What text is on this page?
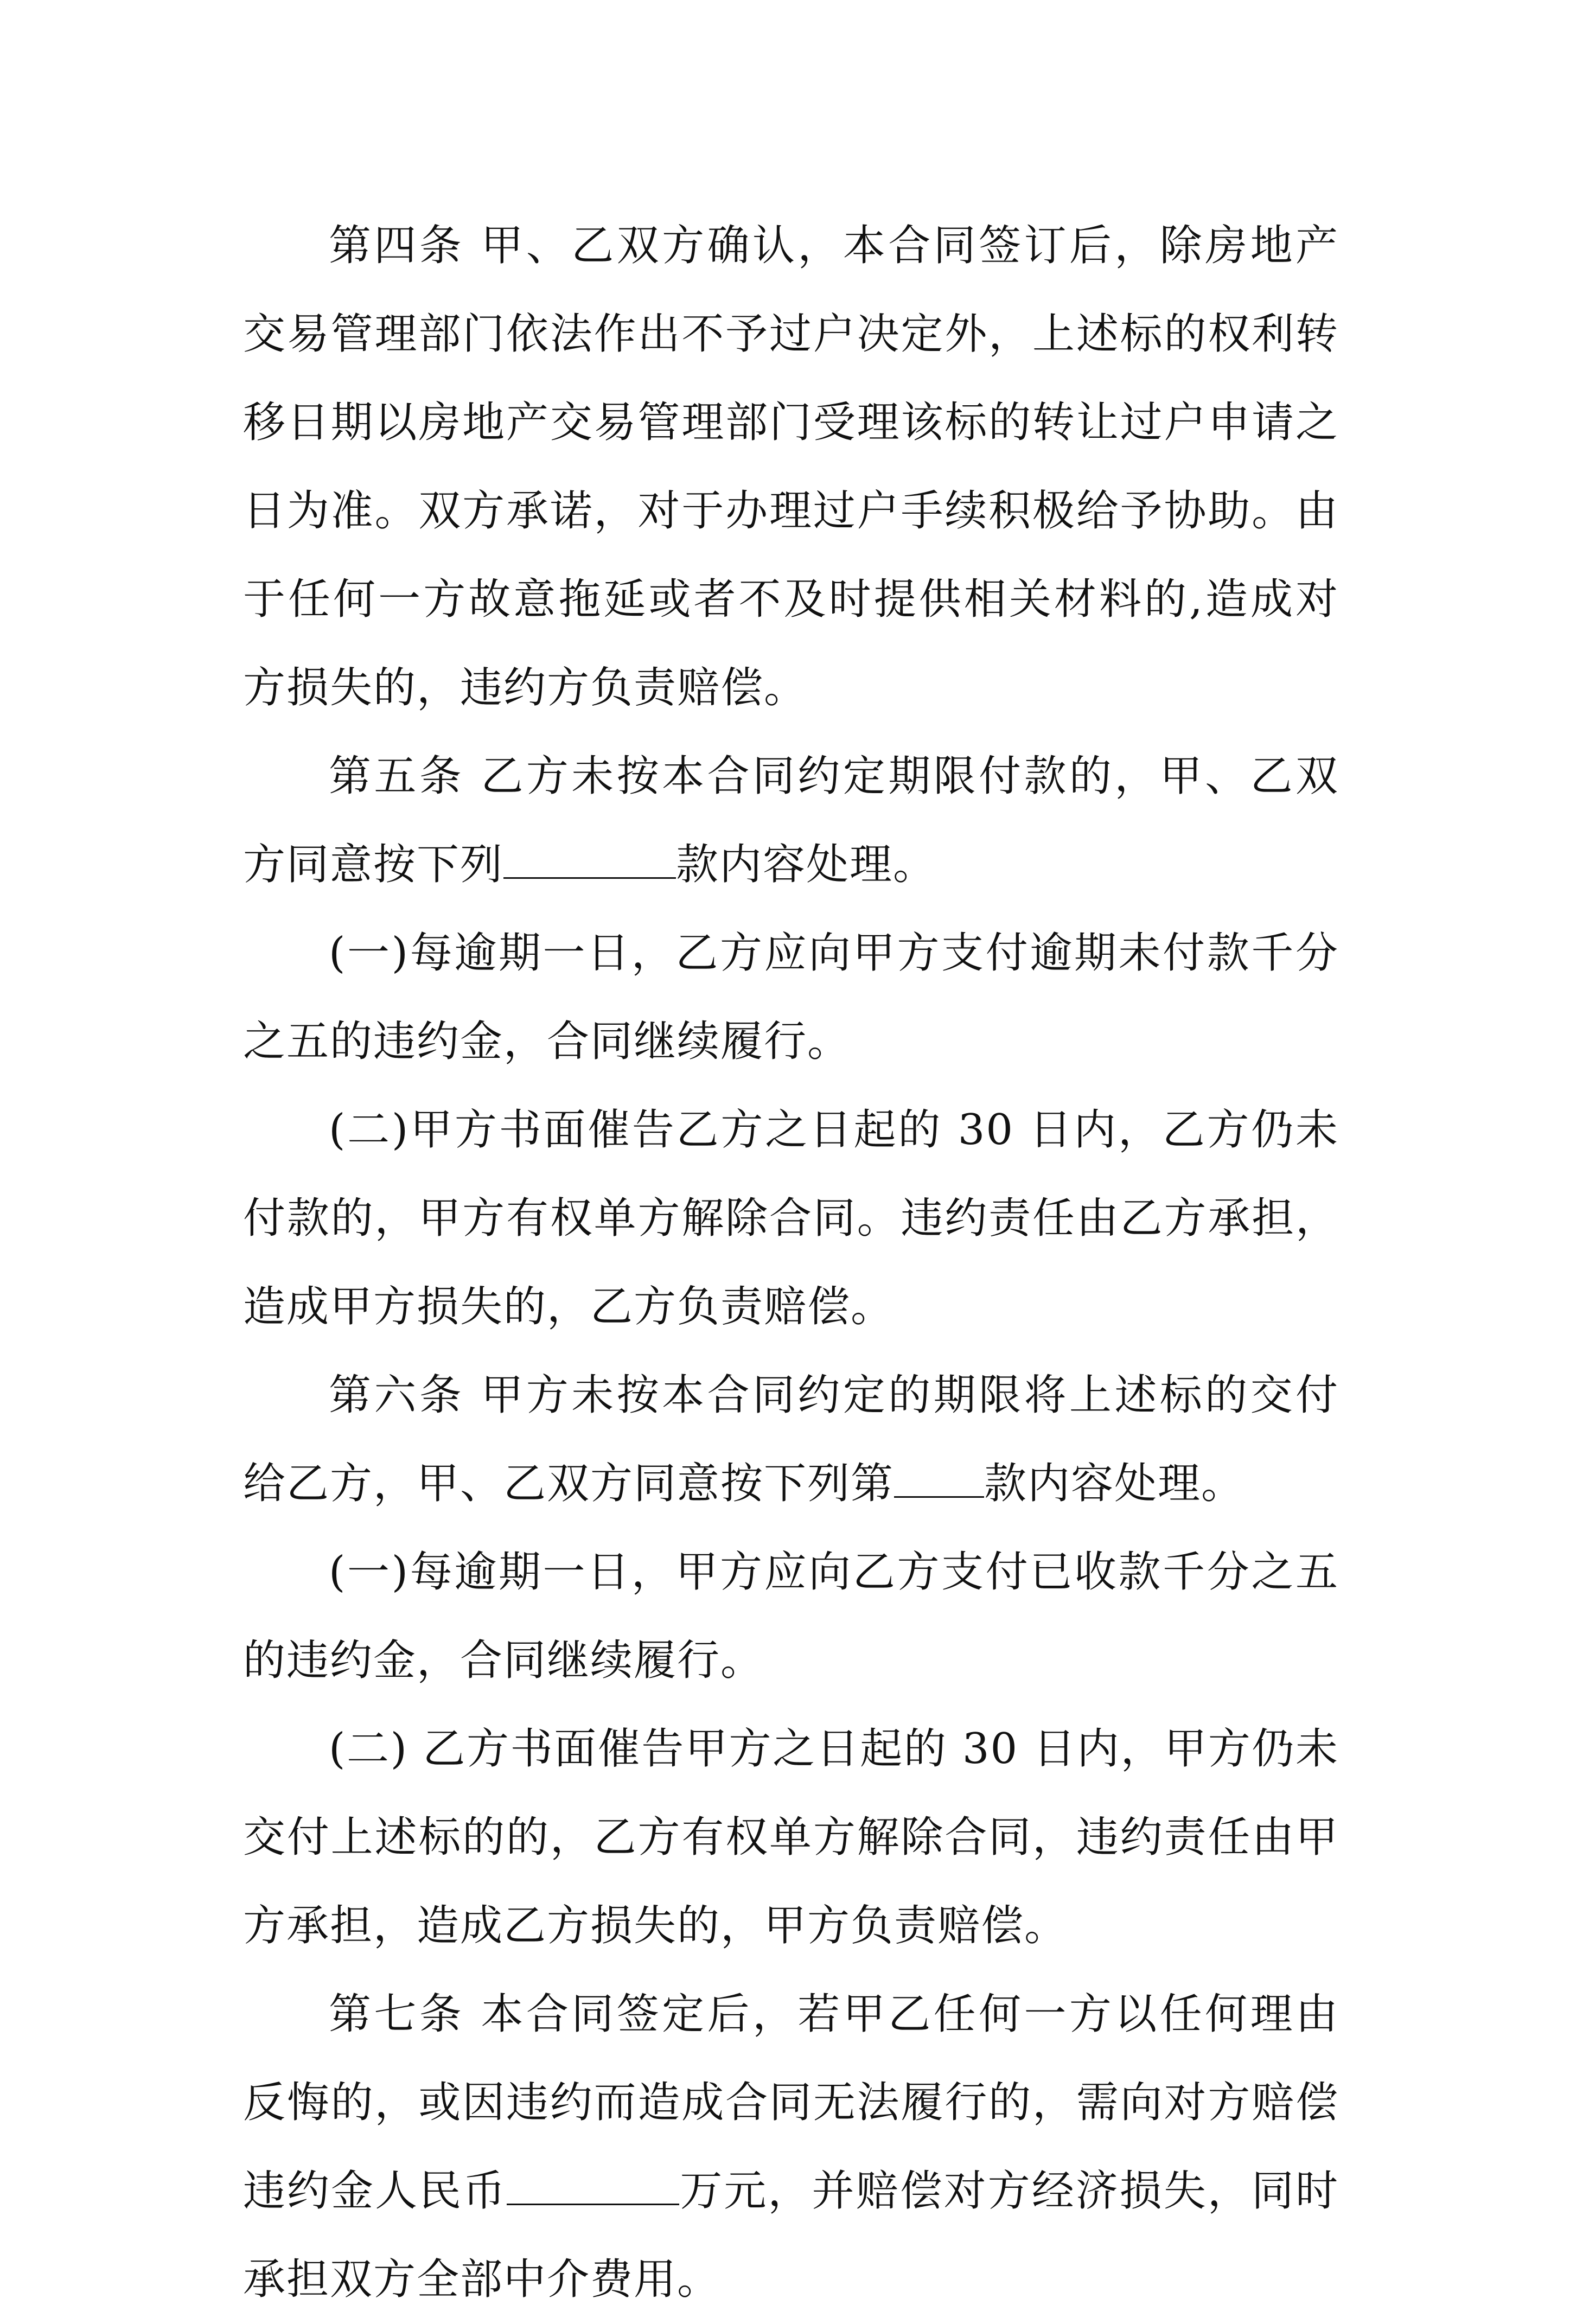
第四条 甲、乙双方确认，本合同签订后，除房地产交易管理部门依法作出不予过户决定外，上述标的权利转移日期以房地产交易管理部门受理该标的转让过户申请之日为准。双方承诺，对于办理过户手续积极给予协助。由于任何一方故意拖延或者不及时提供相关材料的,造成对方损失的，违约方负责赔偿。

第五条 乙方未按本合同约定期限付款的，甲、乙双方同意按下列	款内容处理。

(一)每逾期一日，乙方应向甲方支付逾期未付款千分之五的违约金，合同继续履行。

(二)甲方书面催告乙方之日起的 30 日内，乙方仍未付款的，甲方有权单方解除合同。违约责任由乙方承担，造成甲方损失的，乙方负责赔偿。

第六条 甲方未按本合同约定的期限将上述标的交付给乙方，甲、乙双方同意按下列第 款内容处理。

(一)每逾期一日，甲方应向乙方支付已收款千分之五的违约金，合同继续履行。

(二) 乙方书面催告甲方之日起的 30 日内，甲方仍未交付上述标的的，乙方有权单方解除合同，违约责任由甲方承担，造成乙方损失的，甲方负责赔偿。

第七条 本合同签定后，若甲乙任何一方以任何理由反悔的，或因违约而造成合同无法履行的，需向对方赔偿违约金人民币	万元，并赔偿对方经济损失，同时承担双方全部中介费用。
